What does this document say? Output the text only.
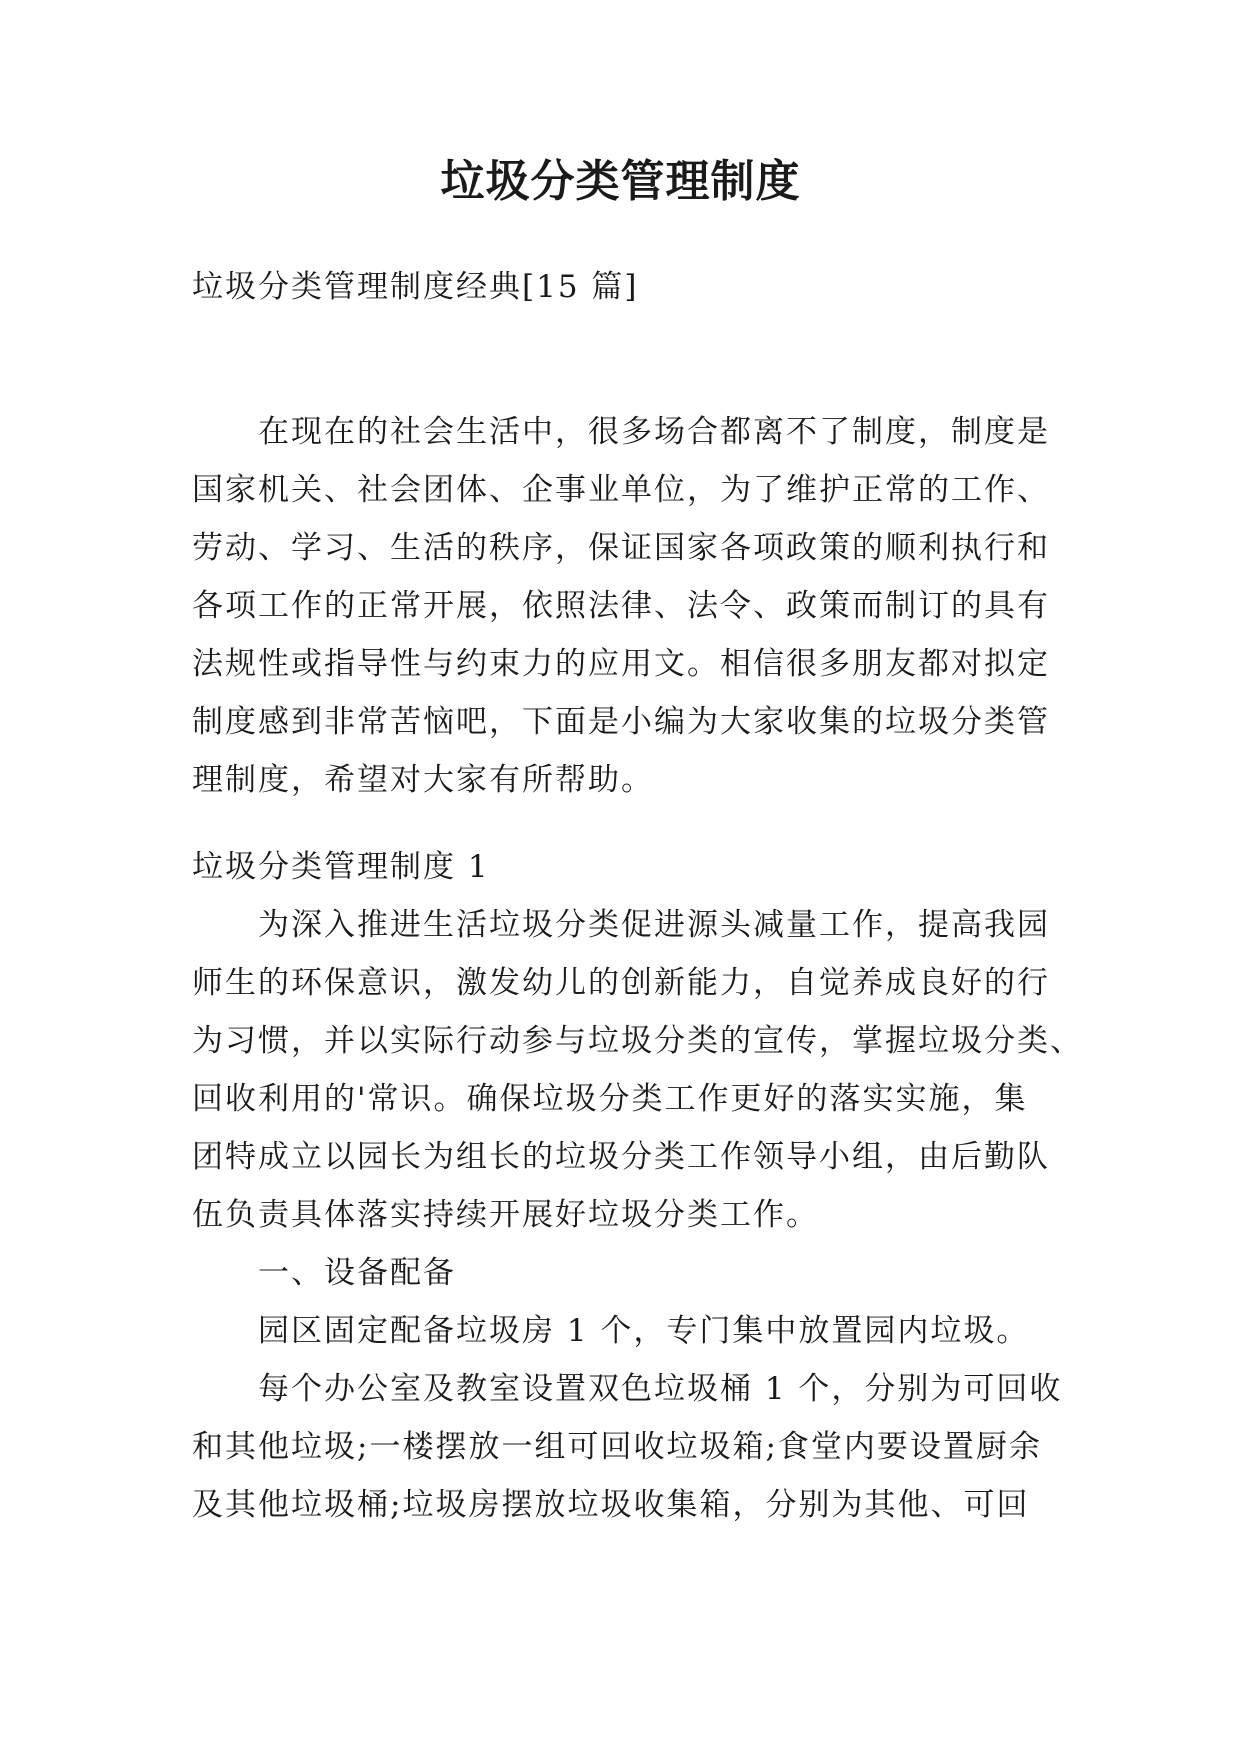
垃圾分类管理制度
垃圾分类管理制度经典[15 篇]
在现在的社会生活中，很多场合都离不了制度，制度是
国家机关、社会团体、企事业单位，为了维护正常的工作、
劳动、学习、生活的秩序，保证国家各项政策的顺利执行和
各项工作的正常开展，依照法律、法令、政策而制订的具有
法规性或指导性与约束力的应用文。相信很多朋友都对拟定
制度感到非常苦恼吧，下面是小编为大家收集的垃圾分类管
理制度，希望对大家有所帮助。
垃圾分类管理制度 1
为深入推进生活垃圾分类促进源头减量工作，提高我园
师生的环保意识，激发幼儿的创新能力，自觉养成良好的行
为习惯，并以实际行动参与垃圾分类的宣传，掌握垃圾分类、
回收利用的'常识。确保垃圾分类工作更好的落实实施，集
团特成立以园长为组长的垃圾分类工作领导小组，由后勤队
伍负责具体落实持续开展好垃圾分类工作。
一、设备配备
园区固定配备垃圾房 1 个，专门集中放置园内垃圾。
每个办公室及教室设置双色垃圾桶 1 个，分别为可回收
和其他垃圾;一楼摆放一组可回收垃圾箱;食堂内要设置厨余
及其他垃圾桶;垃圾房摆放垃圾收集箱，分别为其他、可回
